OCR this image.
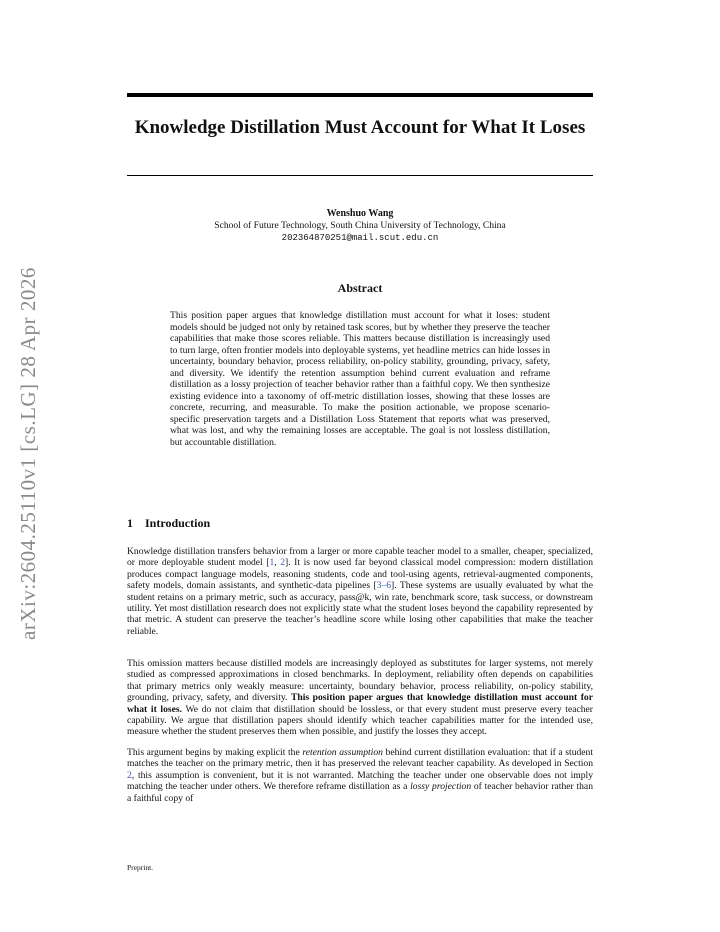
arXiv:2604.25110v1 [cs.LG] 28 Apr 2026
Knowledge Distillation Must Account for What It Loses
Wenshuo Wang
School of Future Technology, South China University of Technology, China
202364870251@mail.scut.edu.cn
Abstract
This position paper argues that knowledge distillation must account for what it loses: student models should be judged not only by retained task scores, but by whether they preserve the teacher capabilities that make those scores reliable. This matters because distillation is increasingly used to turn large, often frontier models into deployable systems, yet headline metrics can hide losses in uncertainty, boundary behavior, process reliability, on-policy stability, grounding, privacy, safety, and diversity. We identify the retention assumption behind current evaluation and reframe distillation as a lossy projection of teacher behavior rather than a faithful copy. We then synthesize existing evidence into a taxonomy of off-metric distillation losses, showing that these losses are concrete, recurring, and measurable. To make the position actionable, we propose scenario-specific preservation targets and a Distillation Loss Statement that reports what was preserved, what was lost, and why the remaining losses are acceptable. The goal is not lossless distillation, but accountable distillation.
1 Introduction

Knowledge distillation transfers behavior from a larger or more capable teacher model to a smaller, cheaper, specialized, or more deployable student model [1, 2]. It is now used far beyond classical model compression: modern distillation produces compact language models, reasoning students, code and tool-using agents, retrieval-augmented components, safety models, domain assistants, and synthetic-data pipelines [3–6]. These systems are usually evaluated by what the student retains on a primary metric, such as accuracy, pass@k, win rate, benchmark score, task success, or downstream utility. Yet most distillation research does not explicitly state what the student loses beyond the capability represented by that metric. A student can preserve the teacher’s headline score while losing other capabilities that make the teacher reliable.

This omission matters because distilled models are increasingly deployed as substitutes for larger systems, not merely studied as compressed approximations in closed benchmarks. In deployment, reliability often depends on capabilities that primary metrics only weakly measure: uncertainty, boundary behavior, process reliability, on-policy stability, grounding, privacy, safety, and diversity. This position paper argues that knowledge distillation must account for what it loses. We do not claim that distillation should be lossless, or that every student must preserve every teacher capability. We argue that distillation papers should identify which teacher capabilities matter for the intended use, measure whether the student preserves them when possible, and justify the losses they accept.

This argument begins by making explicit the retention assumption behind current distillation evaluation: that if a student matches the teacher on the primary metric, then it has preserved the relevant teacher capability. As developed in Section 2, this assumption is convenient, but it is not warranted. Matching the teacher under one observable does not imply matching the teacher under others. We therefore reframe distillation as a lossy projection of teacher behavior rather than a faithful copy of

Preprint.
